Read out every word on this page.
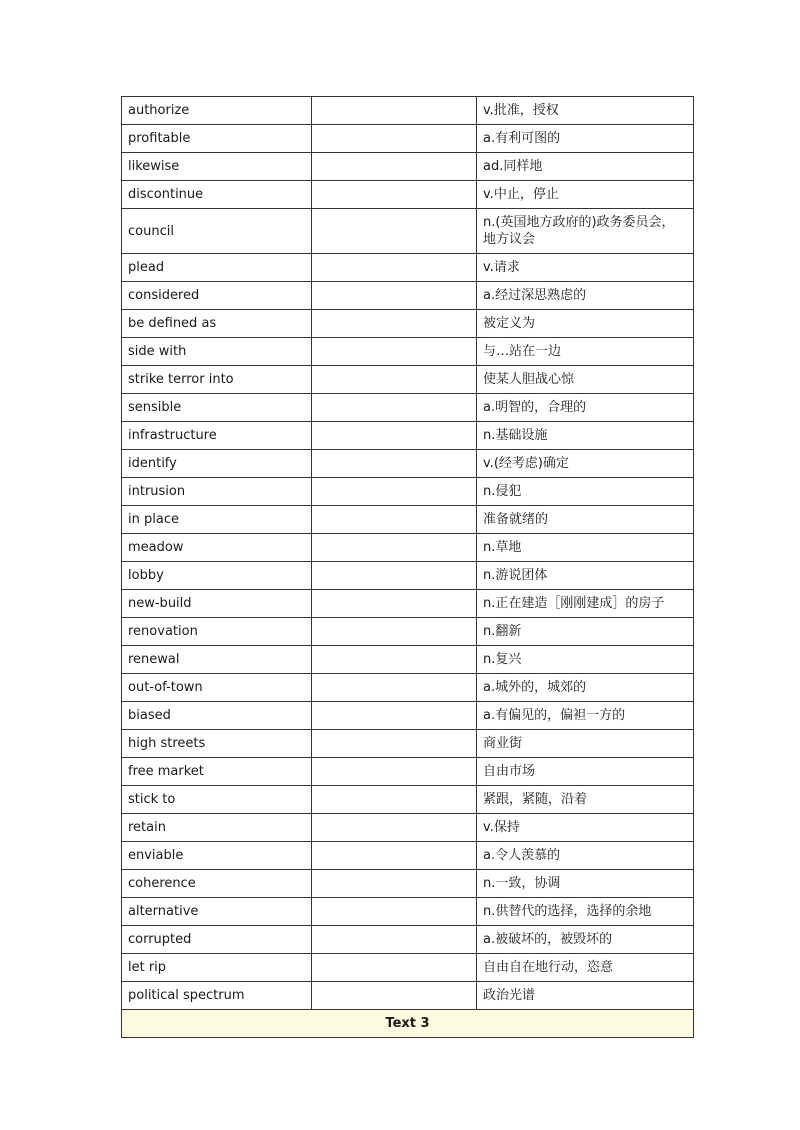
authorize		v.批准，授权
profitable		a.有利可图的
likewise		ad.同样地
discontinue		v.中止，停止
council		n.(英国地方政府的)政务委员会，地方议会
plead		v.请求
considered		a.经过深思熟虑的
be defined as		被定义为
side with		与…站在一边
strike terror into		使某人胆战心惊
sensible		a.明智的，合理的
infrastructure		n.基础设施
identify		v.(经考虑)确定
intrusion		n.侵犯
in place		准备就绪的
meadow		n.草地
lobby		n.游说团体
new-build		n.正在建造［刚刚建成］的房子
renovation		n.翻新
renewal		n.复兴
out-of-town		a.城外的，城郊的
biased		a.有偏见的，偏袒一方的
high streets		商业街
free market		自由市场
stick to		紧跟，紧随，沿着
retain		v.保持
enviable		a.令人羡慕的
coherence		n.一致，协调
alternative		n.供替代的选择，选择的余地
corrupted		a.被破坏的，被毁坏的
let rip		自由自在地行动，恣意
political spectrum		政治光谱
Text 3		
